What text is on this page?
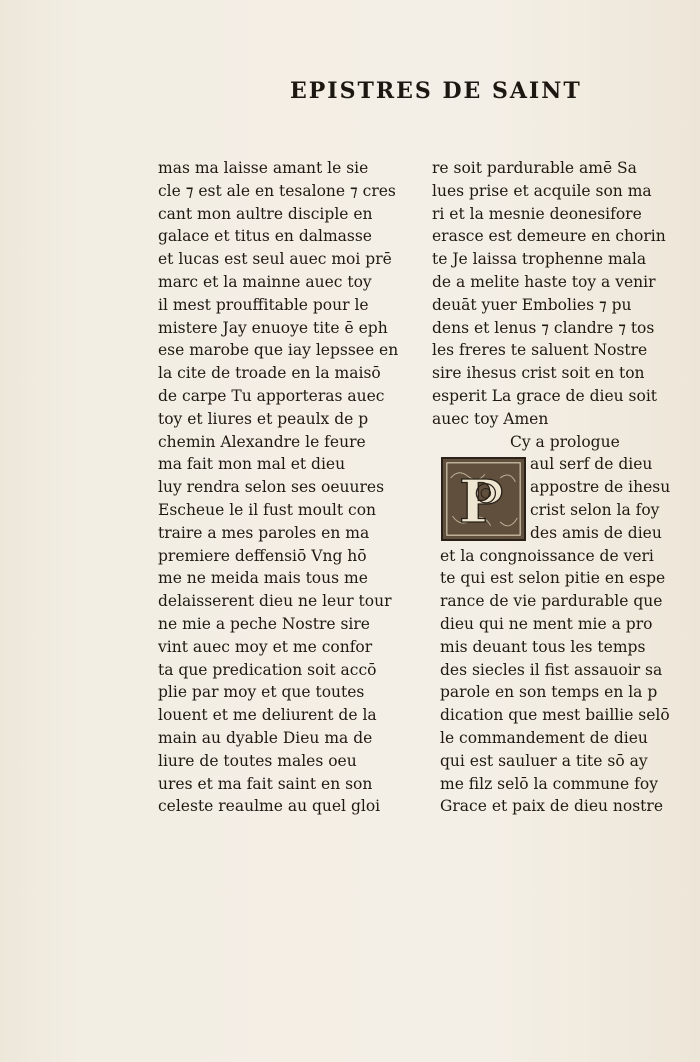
EPISTRES DE SAINT
mas ma laisse amant le sie
cle ⁊ est ale en tesalone ⁊ cres
cant mon aultre disciple en
galace et titus en dalmasse
et lucas est seul auec moi prē
marc et la mainne auec toy
il mest prouffitable pour le
mistere Jay enuoye tite ē eph
ese marobe que iay lepssee en
la cite de troade en la maisō
de carpe Tu apporteras auec
toy et liures et peaulx de p
chemin Alexandre le feure
ma fait mon mal et dieu
luy rendra selon ses oeuures
Escheue le il fust moult con
traire a mes paroles en ma
premiere deffensiō Vng hō
me ne meida mais tous me
delaisserent dieu ne leur tour
ne mie a peche Nostre sire
vint auec moy et me confor
ta que predication soit accō
plie par moy et que toutes
louent et me deliurent de la
main au dyable Dieu ma de
liure de toutes males oeu
ures et ma fait saint en son
celeste reaulme au quel gloi
re soit pardurable amē Sa
lues prise et acquile son ma
ri et la mesnie deonesifore
erasce est demeure en chorin
te Je laissa trophenne mala
de a melite haste toy a venir
deuāt yuer Embolies ⁊ pu
dens et lenus ⁊ clandre ⁊ tos
les freres te saluent Nostre
sire ihesus crist soit en ton
esperit La grace de dieu soit
auec toy Amen
Cy a prologue
P
aul serf de dieu
appostre de ihesu
crist selon la foy
des amis de dieu
et la congnoissance de veri
te qui est selon pitie en espe
rance de vie pardurable que
dieu qui ne ment mie a pro
mis deuant tous les temps
des siecles il fist assauoir sa
parole en son temps en la p
dication que mest baillie selō
le commandement de dieu
qui est sauluer a tite sō ay
me filz selō la commune foy
Grace et paix de dieu nostre
